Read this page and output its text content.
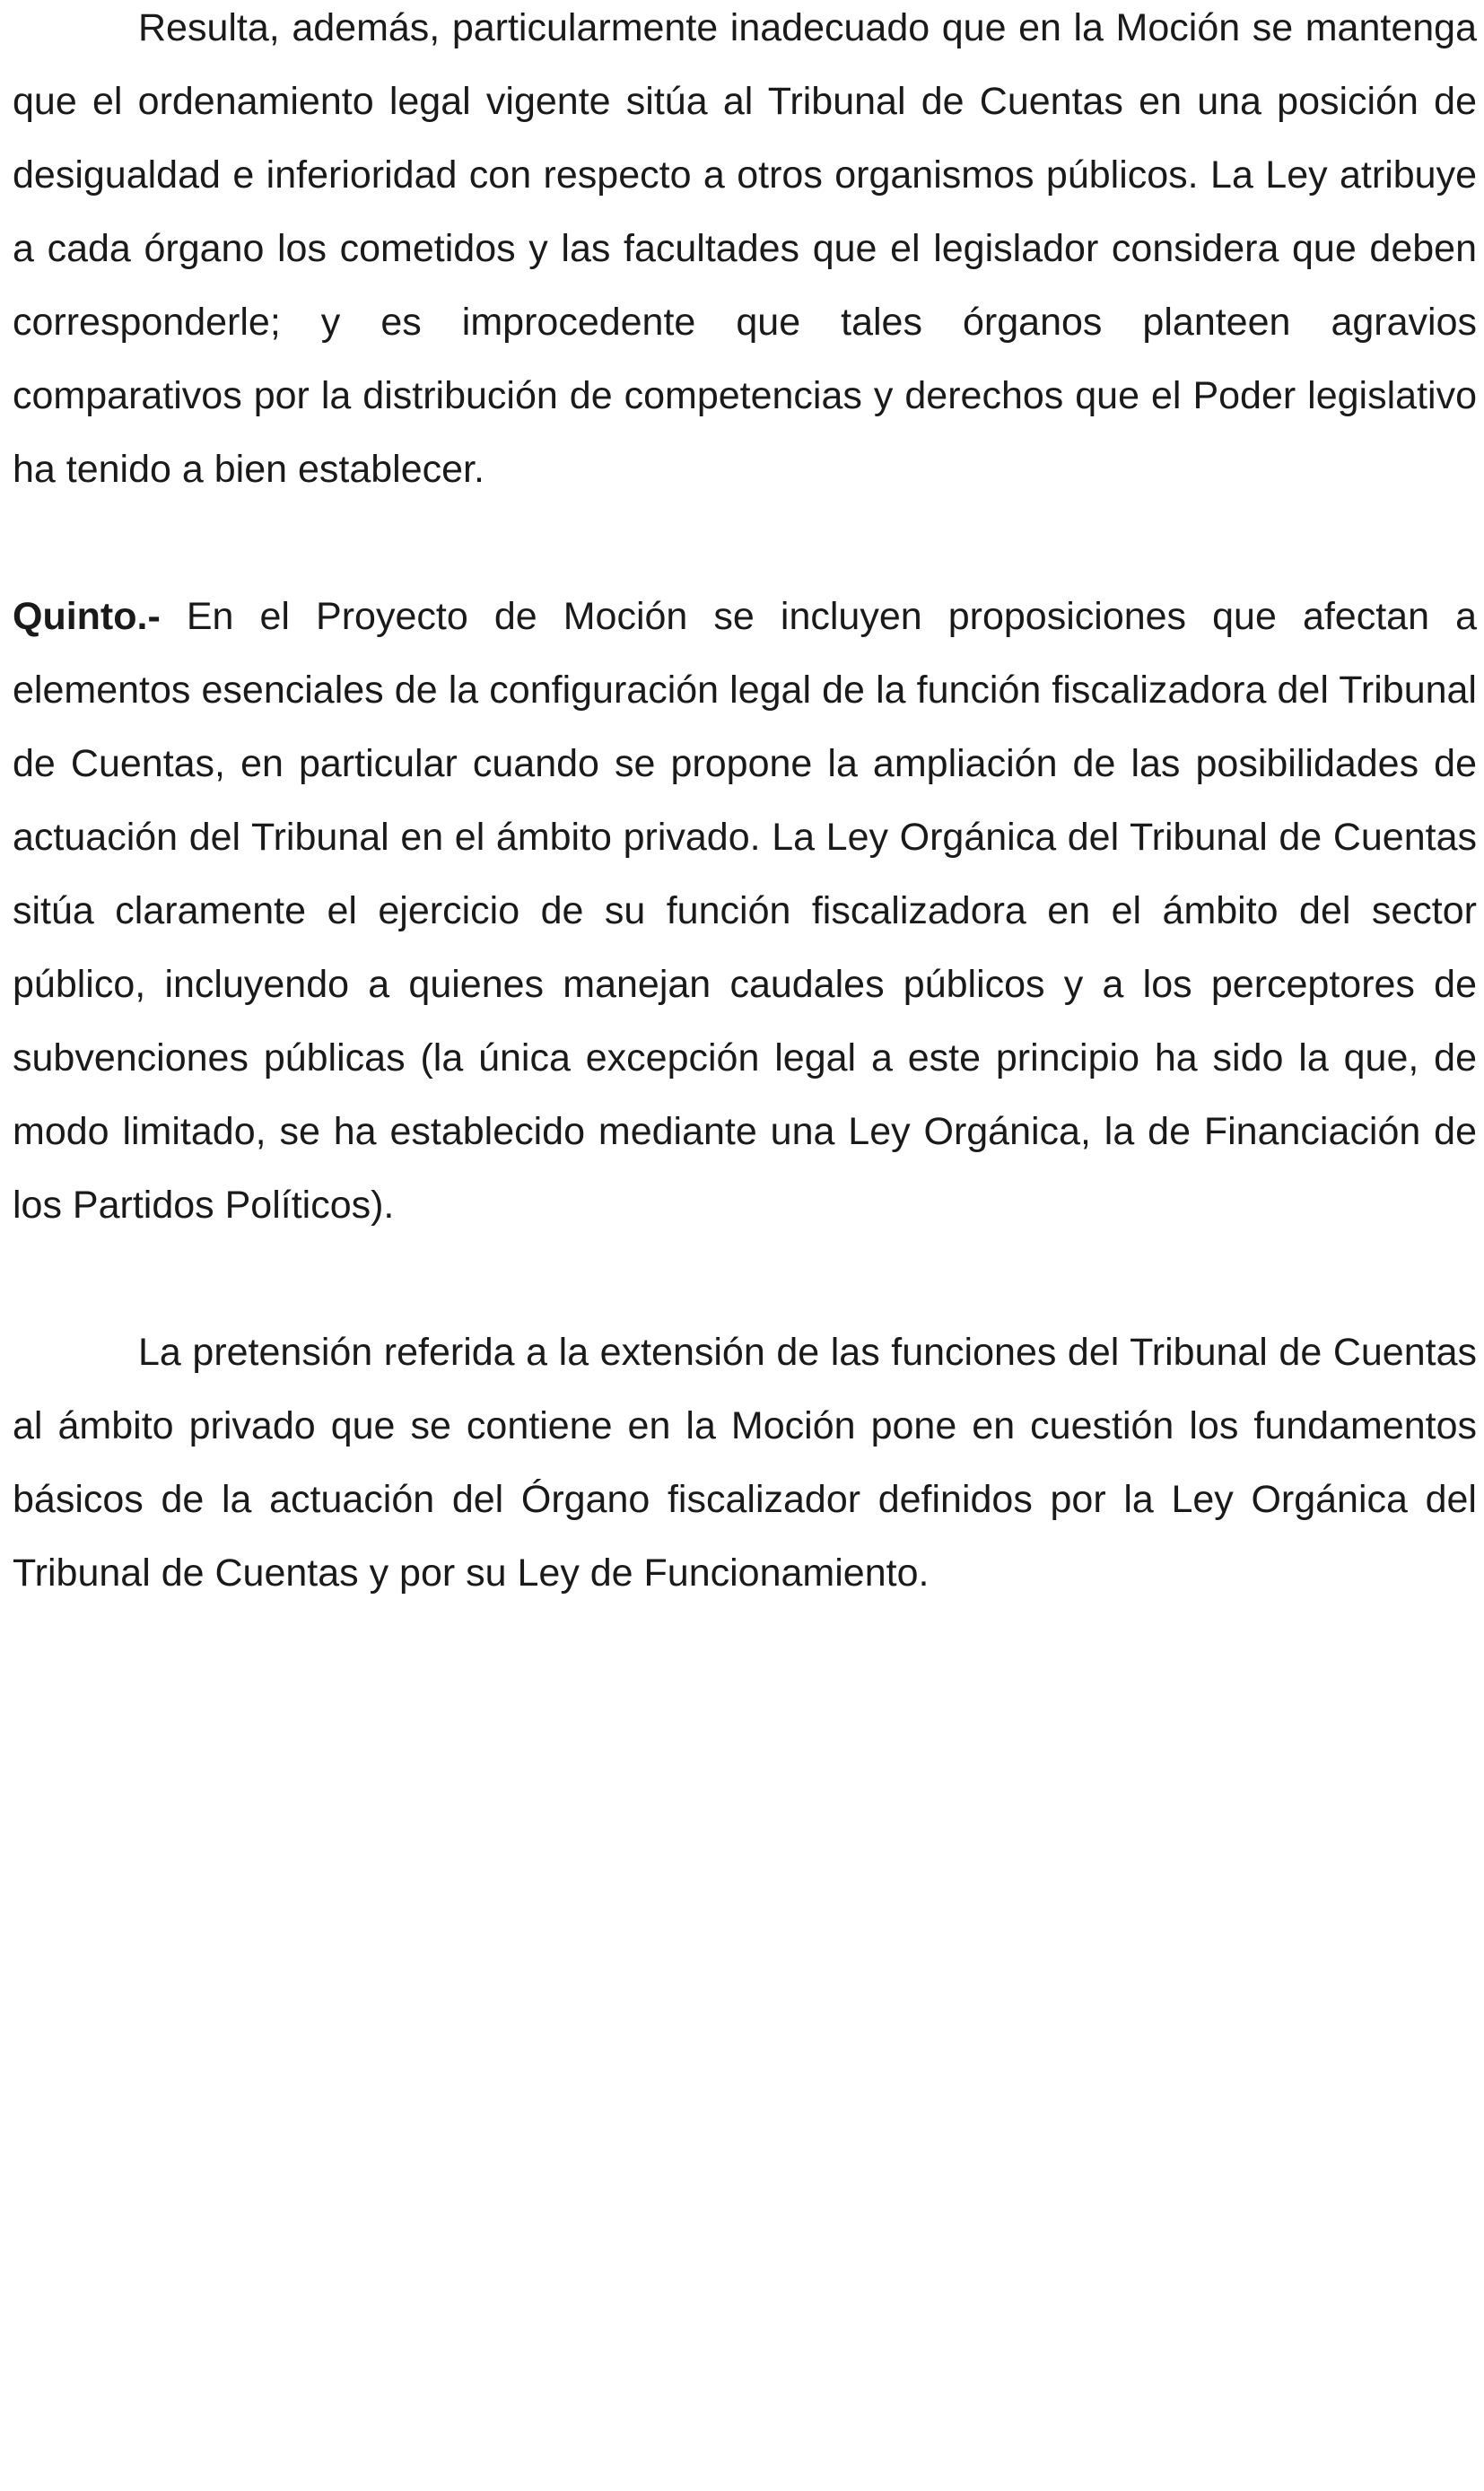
Resulta, además, particularmente inadecuado que en la Moción se mantenga que el ordenamiento legal vigente sitúa al Tribunal de Cuentas en una posición de desigualdad e inferioridad con respecto a otros organismos públicos. La Ley atribuye a cada órgano los cometidos y las facultades que el legislador considera que deben corresponderle; y es improcedente que tales órganos planteen agravios comparativos por la distribución de competencias y derechos que el Poder legislativo ha tenido a bien establecer.

Quinto.- En el Proyecto de Moción se incluyen proposiciones que afectan a elementos esenciales de la configuración legal de la función fiscalizadora del Tribunal de Cuentas, en particular cuando se propone la ampliación de las posibilidades de actuación del Tribunal en el ámbito privado. La Ley Orgánica del Tribunal de Cuentas sitúa claramente el ejercicio de su función fiscalizadora en el ámbito del sector público, incluyendo a quienes manejan caudales públicos y a los perceptores de subvenciones públicas (la única excepción legal a este principio ha sido la que, de modo limitado, se ha establecido mediante una Ley Orgánica, la de Financiación de los Partidos Políticos).

La pretensión referida a la extensión de las funciones del Tribunal de Cuentas al ámbito privado que se contiene en la Moción pone en cuestión los fundamentos básicos de la actuación del Órgano fiscalizador definidos por la Ley Orgánica del Tribunal de Cuentas y por su Ley de Funcionamiento.
